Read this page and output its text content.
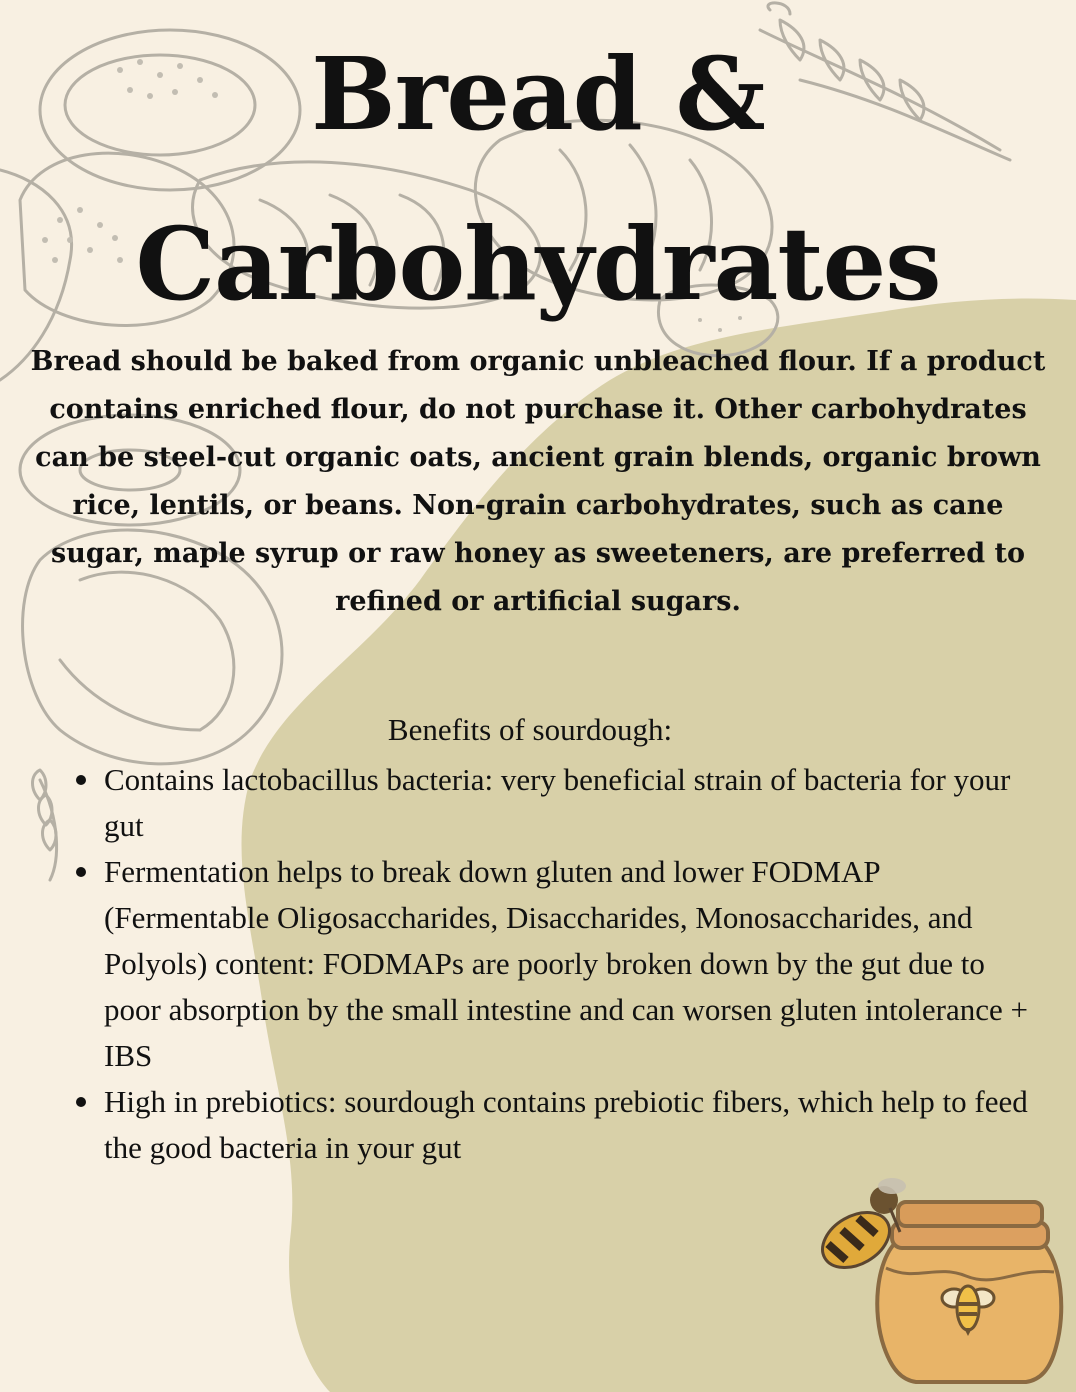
Bread &
Carbohydrates

Bread should be baked from organic unbleached flour. If a product contains enriched flour, do not purchase it. Other carbohydrates can be steel-cut organic oats, ancient grain blends, organic brown rice, lentils, or beans. Non-grain carbohydrates, such as cane sugar, maple syrup or raw honey as sweeteners, are preferred to refined or artificial sugars.

Benefits of sourdough:

Contains lactobacillus bacteria: very beneficial strain of bacteria for your gut
Fermentation helps to break down gluten and lower FODMAP (Fermentable Oligosaccharides, Disaccharides, Monosaccharides, and Polyols) content: FODMAPs are poorly broken down by the gut due to poor absorption by the small intestine and can worsen gluten intolerance + IBS
High in prebiotics: sourdough contains prebiotic fibers, which help to feed the good bacteria in your gut
